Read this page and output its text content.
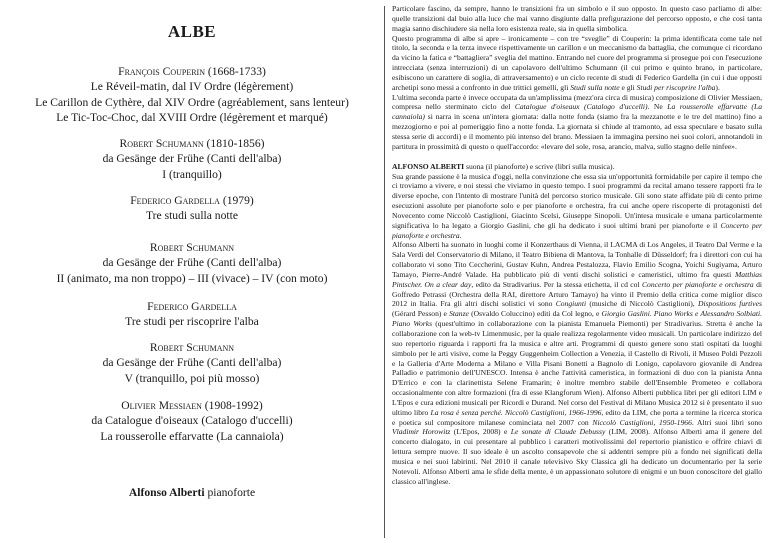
ALBE
François Couperin (1668-1733)
Le Réveil-matin, dal IV Ordre (légèrement)
Le Carillon de Cythère, dal XIV Ordre (agréablement, sans lenteur)
Le Tic-Toc-Choc, dal XVIII Ordre (légèrement et marqué)
Robert Schumann (1810-1856)
da Gesänge der Frühe (Canti dell'alba)
I (tranquillo)
Federico Gardella (1979)
Tre studi sulla notte
Robert Schumann
da Gesänge der Frühe (Canti dell'alba)
II (animato, ma non troppo) – III (vivace) – IV (con moto)
Federico Gardella
Tre studi per riscoprire l'alba
Robert Schumann
da Gesänge der Frühe (Canti dell'alba)
V (tranquillo, poi più mosso)
Olivier Messiaen (1908-1992)
da Catalogue d'oiseaux (Catalogo d'uccelli)
La rousserolle effarvatte (La cannaiola)
Alfonso Alberti pianoforte

Particolare fascino, da sempre, hanno le transizioni fra un simbolo e il suo opposto. In questo caso parliamo di albe: quelle transizioni dal buio alla luce che mai vanno disgiunte dalla prefigurazione del percorso opposto, e che così tanta magia sanno dischiudere sia nella loro esistenza reale, sia in quella simbolica.

Questo programma di albe si apre – ironicamente – con tre “sveglie” di Couperin: la prima identificata come tale nel titolo, la seconda e la terza invece rispettivamente un carillon e un meccanismo da battaglia, che comunque ci ricordano da vicino la fatica e “battagliera” sveglia del mattino. Entrando nel cuore del programma si prosegue poi con l'esecuzione intrecciata (senza interruzioni) di un capolavoro dell'ultimo Schumann (il cui primo e quinto brano, in particolare, esibiscono un carattere di soglia, di attraversamento) e un ciclo recente di studi di Federico Gardella (in cui i due opposti archetipi sono messi a confronto in due trittici gemelli, gli Studi sulla notte e gli Studi per riscoprire l'alba).

L'ultima seconda parte è invece occupata da un'amplissima (mezz'ora circa di musica) composizione di Olivier Messiaen, compresa nello sterminato ciclo del Catalogue d'oiseaux (Catalogo d'uccelli). Ne La rousserolle effarvatte (La cannaiola) si narra in scena un'intera giornata: dalla notte fonda (siamo fra la mezzanotte e le tre del mattino) fino a mezzogiorno e poi al pomeriggio fino a notte fonda. La giornata si chiude al tramonto, ad essa speculare e basato sulla stessa serie di accordi) e il momento più intenso del brano. Messiaen la immagina persino nei suoi colori, annotandoli in partitura in prossimità di questo o quell'accordo: «levare del sole, rosa, arancio, malva, sullo stagno delle ninfee».

ALFONSO ALBERTI suona (il pianoforte) e scrive (libri sulla musica).
Sua grande passione è la musica d'oggi, nella convinzione che essa sia un'opportunità formidabile per capire il tempo che ci troviamo a vivere, e noi stessi che viviamo in questo tempo. I suoi programmi da recital amano tessere rapporti fra le diverse epoche, con l'intento di mostrare l'unità del percorso storico musicale. Gli sono state affidate più di cento prime esecuzioni assolute per pianoforte solo e per pianoforte e orchestra, fra cui anche opere riscoperte di protagonisti del Novecento come Niccolò Castiglioni, Giacinto Scelsi, Giuseppe Sinopoli. Un'intesa musicale e umana particolarmente significativa lo ha legato a Giorgio Gaslini, che gli ha dedicato i suoi ultimi brani per pianoforte e il Concerto per pianoforte e orchestra.
Alfonso Alberti ha suonato in luoghi come il Konzerthaus di Vienna, il LACMA di Los Angeles, il Teatro Dal Verme e la Sala Verdi del Conservatorio di Milano, il Teatro Bibiena di Mantova, la Tonhalle di Düsseldorf; fra i direttori con cui ha collaborato vi sono Tito Ceccherini, Gustav Kuhn, Andrea Pestalozza, Flavio Emilio Scogna, Yoichi Sugiyama, Arturo Tamayo, Pierre-André Valade. Ha pubblicato più di venti dischi solistici e cameristici, ultimo fra questi Matthias Pintscher. On a clear day, edito da Stradivarius. Per la stessa etichetta, il cd col Concerto per pianoforte e orchestra di Goffredo Petrassi (Orchestra della RAI, direttore Arturo Tamayo) ha vinto il Premio della critica come miglior disco 2012 in Italia. Fra gli altri dischi solistici vi sono Congiunti (musiche di Niccolò Castiglioni), Dispositions furtives (Gérard Pesson) e Stanze (Osvaldo Coluccino) editi da Col legno, e Giorgio Gaslini. Piano Works e Alessandro Solbiati. Piano Works (quest'ultimo in collaborazione con la pianista Emanuela Piemonti) per Stradivarius. Stretta è anche la collaborazione con la web-tv Limenmusic, per la quale realizza regolarmente video musicali. Un particolare indirizzo del suo repertorio riguarda i rapporti fra la musica e altre arti. Programmi di questo genere sono stati ospitati da luoghi simbolo per le arti visive, come la Peggy Guggenheim Collection a Venezia, il Castello di Rivoli, il Museo Poldi Pezzoli e la Galleria d'Arte Moderna a Milano e Villa Pisani Bonetti a Bagnolo di Lonigo, capolavoro giovanile di Andrea Palladio e patrimonio dell'UNESCO. Intensa è anche l'attività cameristica, in formazioni di duo con la pianista Anna D'Errico e con la clarinettista Selene Framarin; è inoltre membro stabile dell'Ensemble Prometeo e collabora occasionalmente con altre formazioni (fra di esse Klangforum Wien). Alfonso Alberti pubblica libri per gli editori LIM e L'Epos e cura edizioni musicali per Ricordi e Durand. Nel corso del Festival di Milano Musica 2012 si è presentato il suo ultimo libro La rosa è senza perché. Niccolò Castiglioni, 1966-1996, edito da LIM, che porta a termine la ricerca storica e poetica sul compositore milanese cominciata nel 2007 con Niccolò Castiglioni, 1950-1966. Altri suoi libri sono Vladimir Horowitz (L'Epos, 2008) e Le sonate di Claude Debussy (LIM, 2008). Alfonso Alberti ama il genere del concerto dialogato, in cui presentare al pubblico i caratteri motivolissimi del repertorio pianistico e offrire chiavi di lettura sempre nuove. Il suo ideale è un ascolto consapevole che si addentri sempre più a fondo nei significati della musica e nei suoi labirinti. Nel 2010 il canale televisivo Sky Classica gli ha dedicato un documentario per la serie Notevoli. Alfonso Alberti ama le sfide della mente, è un appassionato solutore di enigmi e un buon conoscitore del giallo classico all'inglese.
